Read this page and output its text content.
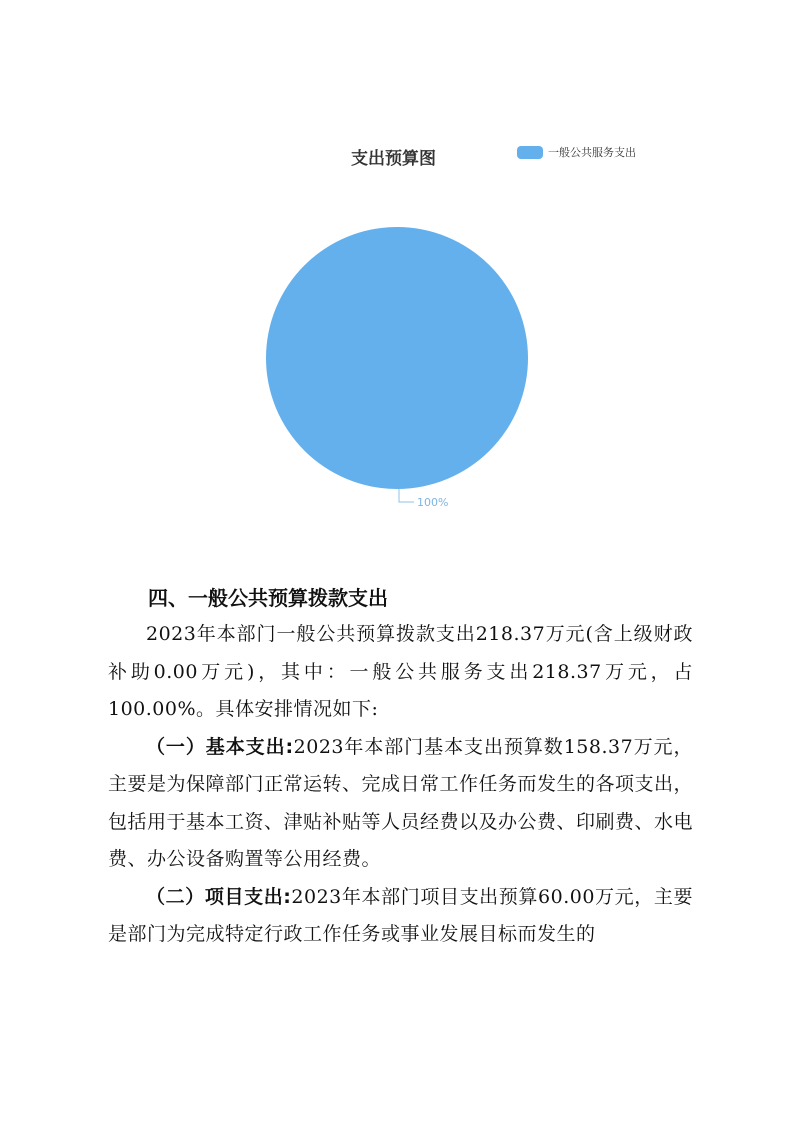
支出预算图	一般公共服务支出
100%

四、一般公共预算拨款支出

2023年本部门一般公共预算拨款支出218.37万元(含上级财政补助0.00万元)，其中：一般公共服务支出218.37万元，占100.00%。具体安排情况如下:

（一）基本支出:2023年本部门基本支出预算数158.37万元，主要是为保障部门正常运转、完成日常工作任务而发生的各项支出，包括用于基本工资、津贴补贴等人员经费以及办公费、印刷费、水电费、办公设备购置等公用经费。

（二）项目支出:2023年本部门项目支出预算60.00万元，主要是部门为完成特定行政工作任务或事业发展目标而发生的
